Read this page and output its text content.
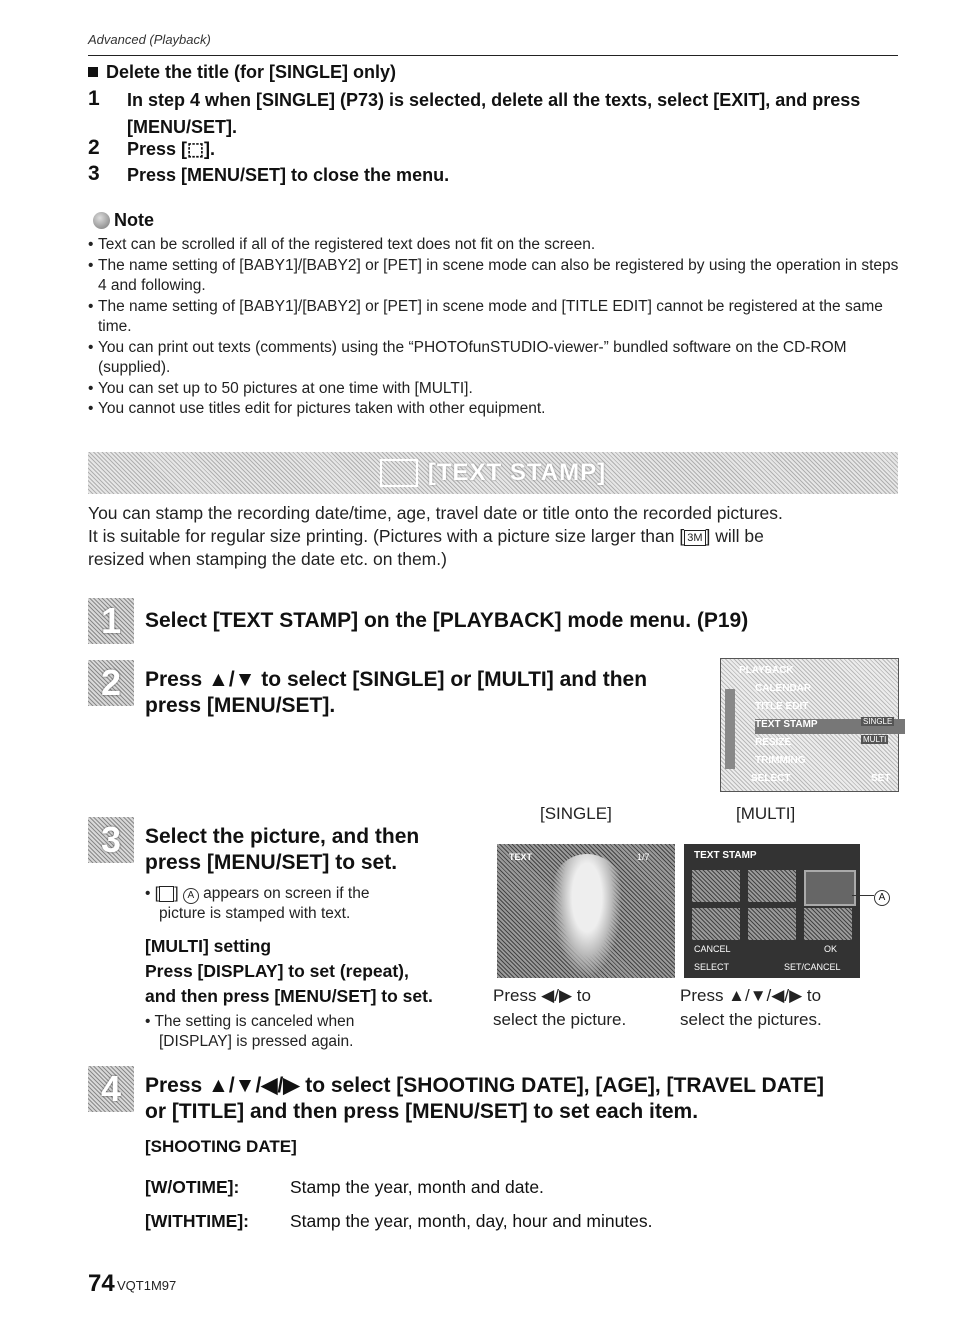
Advanced (Playback)
Delete the title (for [SINGLE] only)
1 In step 4 when [SINGLE] (P73) is selected, delete all the texts, select [EXIT], and press [MENU/SET].
2 Press [⬚].
3 Press [MENU/SET] to close the menu.
Note
• Text can be scrolled if all of the registered text does not fit on the screen.
• The name setting of [BABY1]/[BABY2] or [PET] in scene mode can also be registered by using the operation in steps 4 and following.
• The name setting of [BABY1]/[BABY2] or [PET] in scene mode and [TITLE EDIT] cannot be registered at the same time.
• You can print out texts (comments) using the “PHOTOfunSTUDIO-viewer-” bundled software on the CD-ROM (supplied).
• You can set up to 50 pictures at one time with [MULTI].
• You cannot use titles edit for pictures taken with other equipment.
[TEXT STAMP]
You can stamp the recording date/time, age, travel date or title onto the recorded pictures.
It is suitable for regular size printing. (Pictures with a picture size larger than [ 3M ] will be
resized when stamping the date etc. on them.)
1	Select [TEXT STAMP] on the [PLAYBACK] mode menu. (P19)
2	Press ▲/▼ to select [SINGLE] or [MULTI] and then
press [MENU/SET].
PLAYBACK
CALENDAR
TITLE EDIT
TEXT STAMP	SINGLE
MULTI
RESIZE
TRIMMING
SELECT	SET
3	Select the picture, and then
press [MENU/SET] to set.
• [ ] A appears on screen if the
picture is stamped with text.
[MULTI] setting
Press [DISPLAY] to set (repeat),
and then press [MENU/SET] to set.
• The setting is canceled when
[DISPLAY] is pressed again.
[SINGLE]	[MULTI]
TEXT	1/7	TEXT STAMP
CANCEL	OK
SELECT	SET/CANCEL
A
Press ◀/▶ to
select the picture.
Press ▲/▼/◀/▶ to
select the pictures.
4	Press ▲/▼/◀/▶ to select [SHOOTING DATE], [AGE], [TRAVEL DATE]
or [TITLE] and then press [MENU/SET] to set each item.
[SHOOTING DATE]
[W/OTIME]:	Stamp the year, month and date.
[WITHTIME]: Stamp the year, month, day, hour and minutes.
74 VQT1M97
